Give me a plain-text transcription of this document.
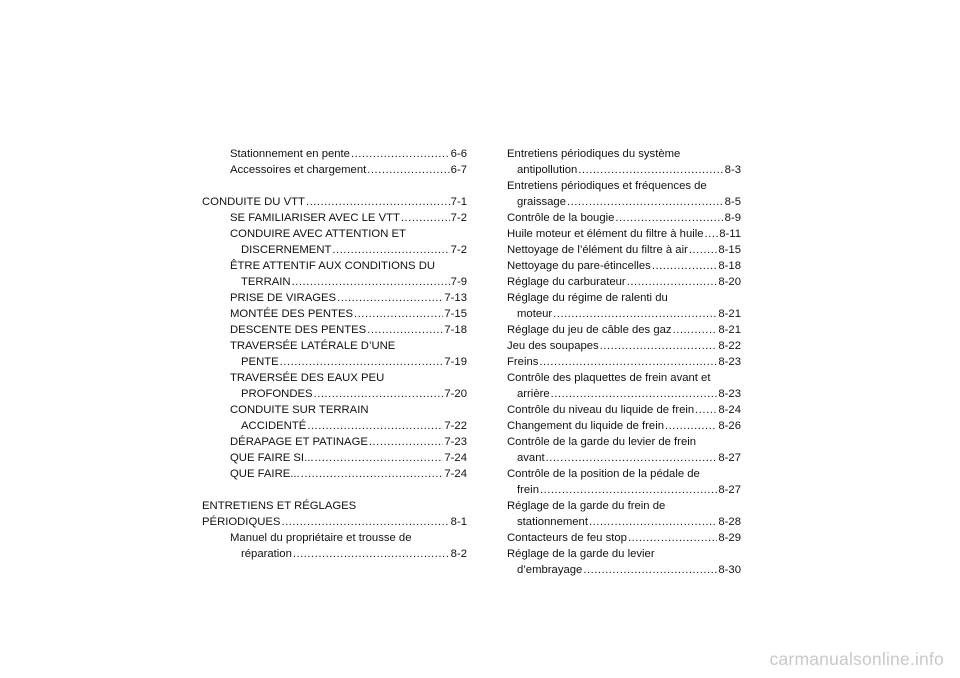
Stationnement en pente .....	6-6
Accessoires et chargement .....	6-7
CONDUITE DU VTT .....	7-1
SE FAMILIARISER AVEC LE VTT .....	7-2
CONDUIRE AVEC ATTENTION ET
DISCERNEMENT .....	7-2
ÊTRE ATTENTIF AUX CONDITIONS DU
TERRAIN .....	7-9
PRISE DE VIRAGES .....	7-13
MONTÉE DES PENTES .....	7-15
DESCENTE DES PENTES .....	7-18
TRAVERSÉE LATÉRALE D’UNE
PENTE .....	7-19
TRAVERSÉE DES EAUX PEU
PROFONDES .....	7-20
CONDUITE SUR TERRAIN
ACCIDENTÉ .....	7-22
DÉRAPAGE ET PATINAGE .....	7-23
QUE FAIRE SI... .....	7-24
QUE FAIRE... .....	7-24
ENTRETIENS ET RÉGLAGES
PÉRIODIQUES .....	8-1
Manuel du propriétaire et trousse de
réparation .....	8-2
Entretiens périodiques du système
antipollution .....	8-3
Entretiens périodiques et fréquences de
graissage .....	8-5
Contrôle de la bougie .....	8-9
Huile moteur et élément du filtre à huile ..... 8-11
Nettoyage de l’élément du filtre à air .....	8-15
Nettoyage du pare-étincelles .....	8-18
Réglage du carburateur .....	8-20
Réglage du régime de ralenti du
moteur .....	8-21
Réglage du jeu de câble des gaz .....	8-21
Jeu des soupapes .....	8-22
Freins .....	8-23
Contrôle des plaquettes de frein avant et
arrière .....	8-23
Contrôle du niveau du liquide de frein ..... 8-24
Changement du liquide de frein .....	8-26
Contrôle de la garde du levier de frein
avant .....	8-27
Contrôle de la position de la pédale de
frein .....	8-27
Réglage de la garde du frein de
stationnement .....	8-28
Contacteurs de feu stop .....	8-29
Réglage de la garde du levier
d’embrayage .....	8-30
carmanualsonline.info
